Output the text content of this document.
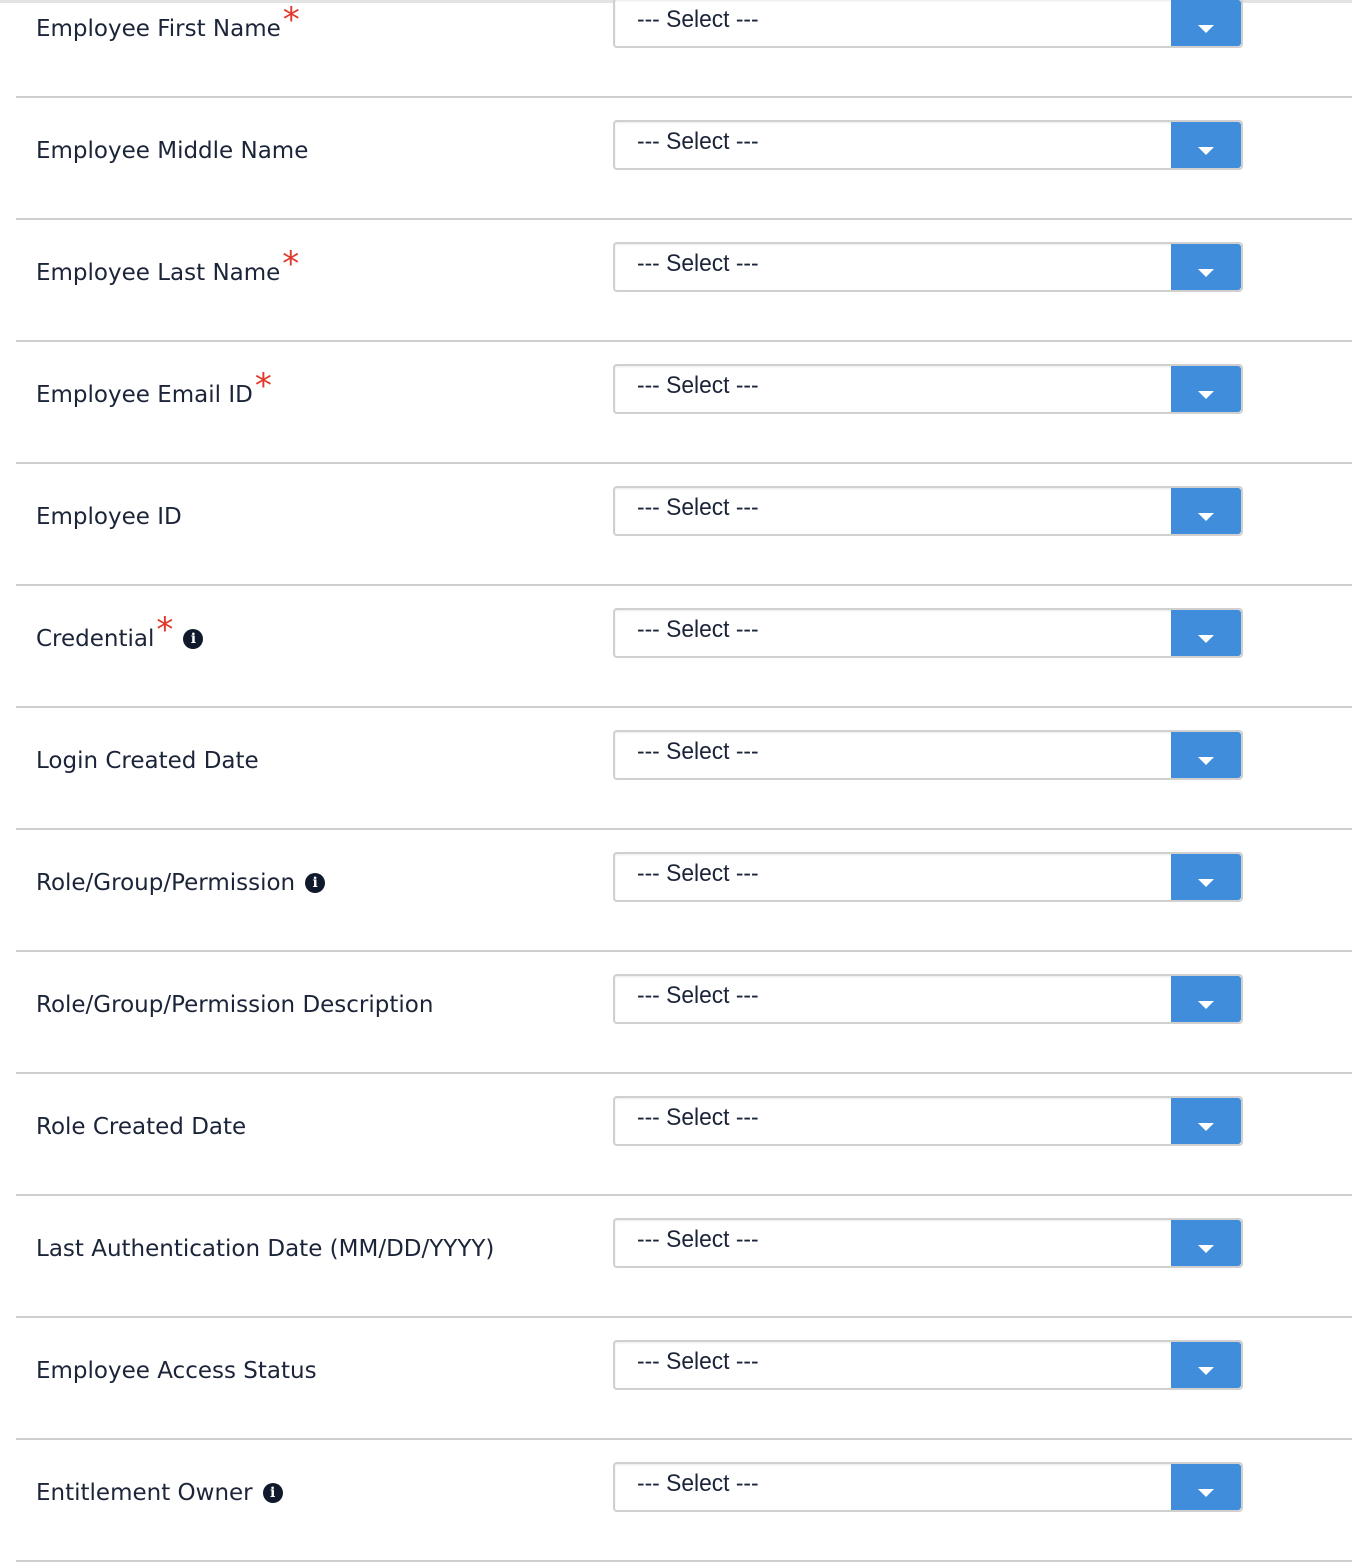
Employee First Name *	--- Select ---
Employee Middle Name	--- Select ---
Employee Last Name *	--- Select ---
Employee Email ID *	--- Select ---
Employee ID	--- Select ---
Credential *	i	--- Select ---
Login Created Date	--- Select ---
Role/Group/Permission	i	--- Select ---
Role/Group/Permission Description	--- Select ---
Role Created Date	--- Select ---
Last Authentication Date (MM/DD/YYYY)	--- Select ---
Employee Access Status	--- Select ---
Entitlement Owner	i	--- Select ---
